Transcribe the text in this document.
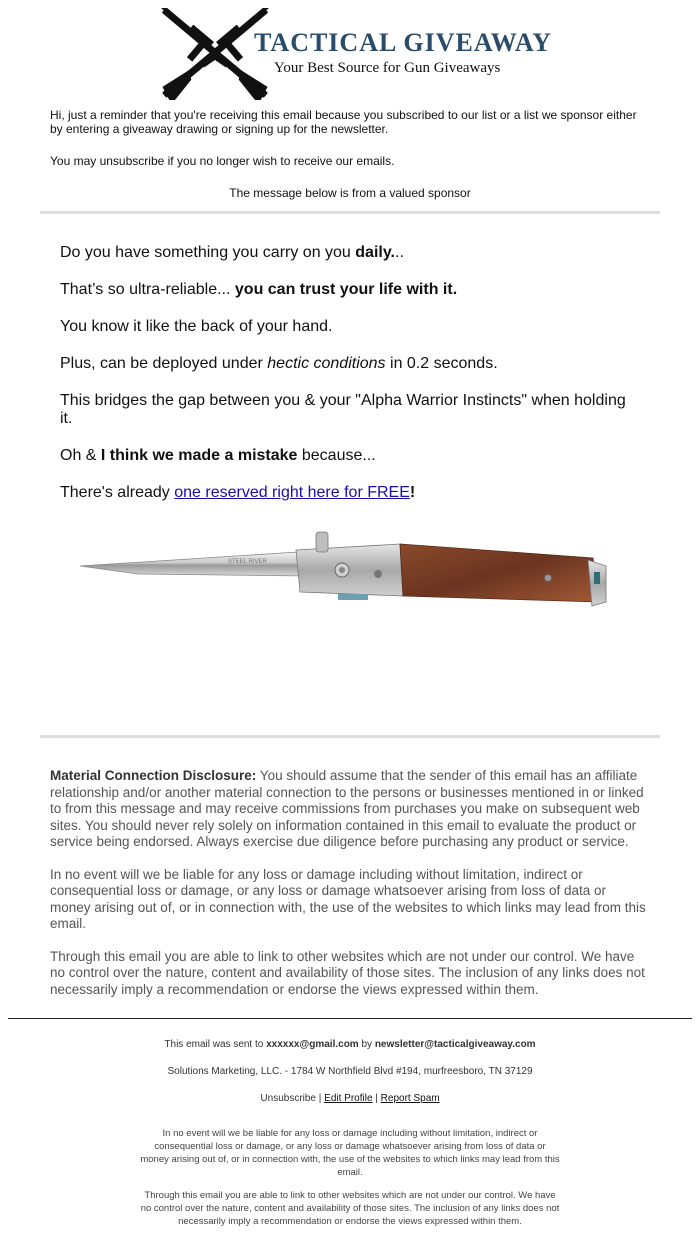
TACTICAL GIVEAWAY
Your Best Source for Gun Giveaways

Hi, just a reminder that you're receiving this email because you subscribed to our list or a list we sponsor either by entering a giveaway drawing or signing up for the newsletter.

You may unsubscribe if you no longer wish to receive our emails.

The message below is from a valued sponsor

Do you have something you carry on you daily...

That’s so ultra-reliable... you can trust your life with it.

You know it like the back of your hand.

Plus, can be deployed under hectic conditions in 0.2 seconds.

This bridges the gap between you & your "Alpha Warrior Instincts" when holding it.

Oh & I think we made a mistake because...

There's already one reserved right here for FREE!

STEEL RIVER

Material Connection Disclosure: You should assume that the sender of this email has an affiliate relationship and/or another material connection to the persons or businesses mentioned in or linked to from this message and may receive commissions from purchases you make on subsequent web sites. You should never rely solely on information contained in this email to evaluate the product or service being endorsed. Always exercise due diligence before purchasing any product or service.

In no event will we be liable for any loss or damage including without limitation, indirect or consequential loss or damage, or any loss or damage whatsoever arising from loss of data or money arising out of, or in connection with, the use of the websites to which links may lead from this email.

Through this email you are able to link to other websites which are not under our control. We have no control over the nature, content and availability of those sites. The inclusion of any links does not necessarily imply a recommendation or endorse the views expressed within them.

This email was sent to xxxxxx@gmail.com by newsletter@tacticalgiveaway.com

Solutions Marketing, LLC. - 1784 W Northfield Blvd #194, murfreesboro, TN 37129

Unsubscribe | Edit Profile | Report Spam

In no event will we be liable for any loss or damage including without limitation, indirect or consequential loss or damage, or any loss or damage whatsoever arising from loss of data or money arising out of, or in connection with, the use of the websites to which links may lead from this email.

Through this email you are able to link to other websites which are not under our control. We have no control over the nature, content and availability of those sites. The inclusion of any links does not necessarily imply a recommendation or endorse the views expressed within them.
